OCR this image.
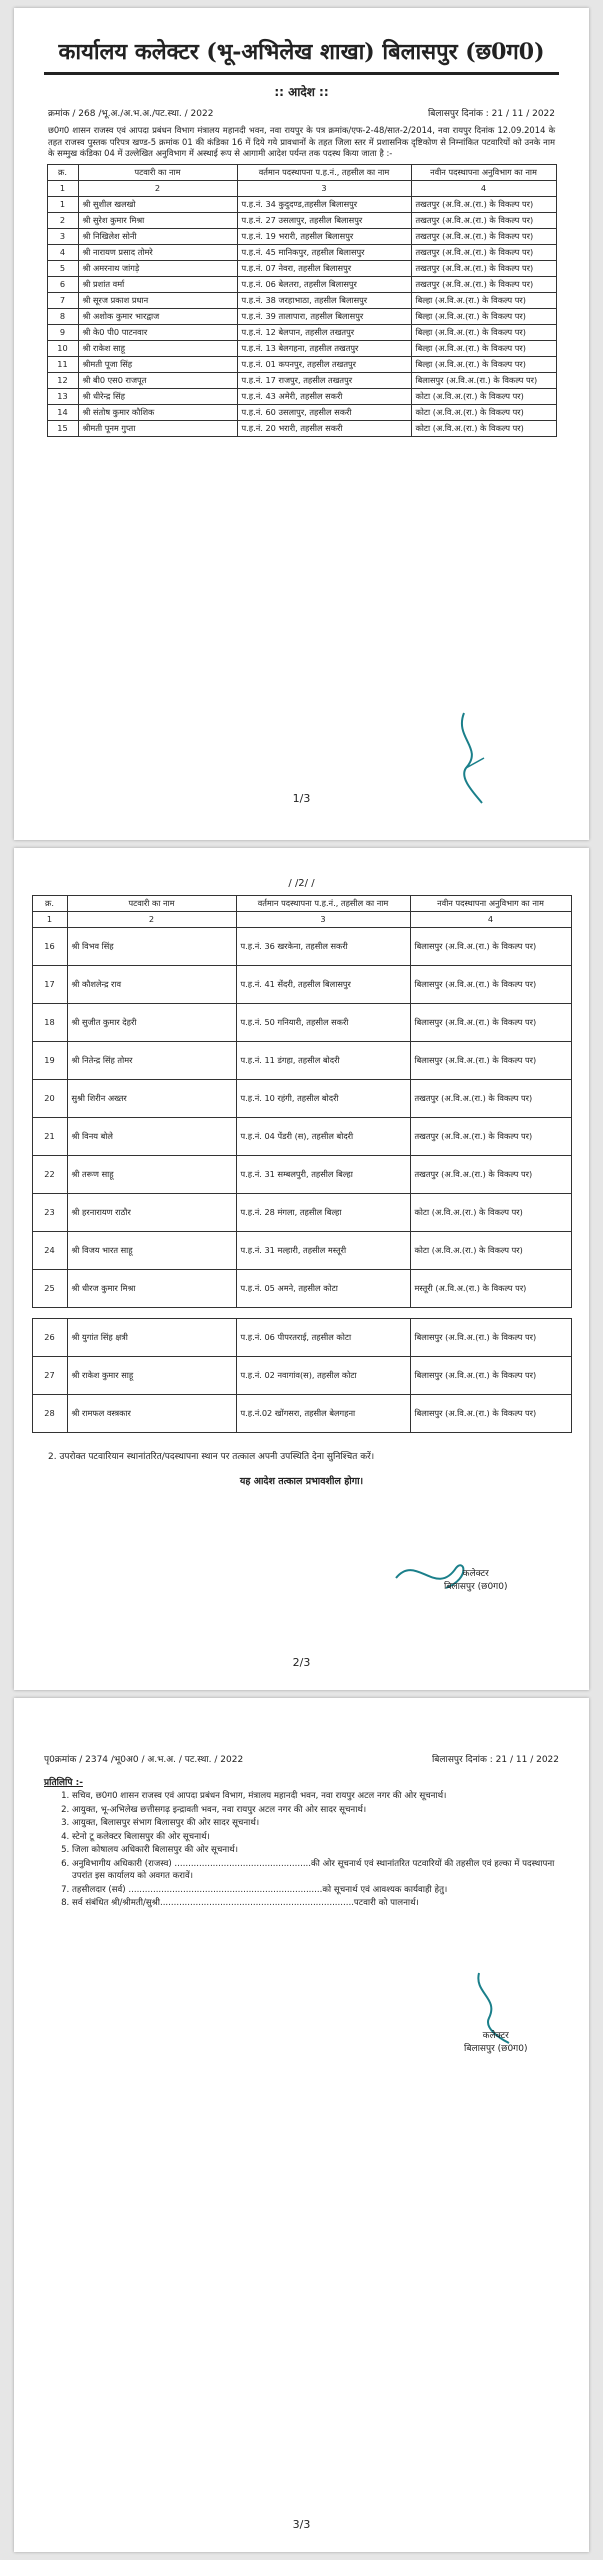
कार्यालय कलेक्टर (भू-अभिलेख शाखा) बिलासपुर (छ0ग0)
:: आदेश ::
क्रमांक / 268 /भू.अ./अ.भ.अ./पट.स्था. / 2022	बिलासपुर दिनांक : 21 / 11 / 2022
छ0ग0 शासन राजस्व एवं आपदा प्रबंधन विभाग मंत्रालय महानदी भवन, नवा रायपुर के पत्र क्रमांक/एफ-2-48/सात-2/2014, नवा रायपुर दिनांक 12.09.2014 के तहत राजस्व पुस्तक परिपत्र खण्ड-5 क्रमांक 01 की कंडिका 16 में दिये गये प्रावधानों के तहत जिला स्तर में प्रशासनिक दृष्टिकोण से निम्नांकित पटवारियों को उनके नाम के सम्मुख कंडिका 04 में उल्लेखित अनुविभाग में अस्थाई रूप से आगामी आदेश पर्यन्त तक पदस्थ किया जाता है :-
क्र.	पटवारी का नाम	वर्तमान पदस्थापना प.ह.नं., तहसील का नाम	नवीन पदस्थापना अनुविभाग का नाम
1	2	3	4
1	श्री सुशील खलखो	प.ह.नं. 34 कुदुदण्ड,तहसील बिलासपुर	तखतपुर (अ.वि.अ.(रा.) के विकल्प पर)
2	श्री सुरेश कुमार मिश्रा	प.ह.नं. 27 उसलापुर, तहसील बिलासपुर	तखतपुर (अ.वि.अ.(रा.) के विकल्प पर)
3	श्री निखिलेश सोनी	प.ह.नं. 19 भरारी, तहसील बिलासपुर	तखतपुर (अ.वि.अ.(रा.) के विकल्प पर)
4	श्री नारायण प्रसाद तोमरे	प.ह.नं. 45 मानिकपुर, तहसील बिलासपुर	तखतपुर (अ.वि.अ.(रा.) के विकल्प पर)
5	श्री अमरनाथ जांगड़े	प.ह.नं. 07 नेवरा, तहसील बिलासपुर	तखतपुर (अ.वि.अ.(रा.) के विकल्प पर)
6	श्री प्रशांत वर्मा	प.ह.नं. 06 बेलतरा, तहसील बिलासपुर	तखतपुर (अ.वि.अ.(रा.) के विकल्प पर)
7	श्री सूरज प्रकाश प्रधान	प.ह.नं. 38 जरहाभाठा, तहसील बिलासपुर	बिल्हा (अ.वि.अ.(रा.) के विकल्प पर)
8	श्री अशोक कुमार भारद्वाज	प.ह.नं. 39 तालापारा, तहसील बिलासपुर	बिल्हा (अ.वि.अ.(रा.) के विकल्प पर)
9	श्री के0 पी0 पाटनवार	प.ह.नं. 12 बेलपान, तहसील तखतपुर	बिल्हा (अ.वि.अ.(रा.) के विकल्प पर)
10	श्री राकेश साहू	प.ह.नं. 13 बेलगहना, तहसील तखतपुर	बिल्हा (अ.वि.अ.(रा.) के विकल्प पर)
11	श्रीमती पूजा सिंह	प.ह.नं. 01 कपनपुर, तहसील तखतपुर	बिल्हा (अ.वि.अ.(रा.) के विकल्प पर)
12	श्री बी0 एस0 राजपूत	प.ह.नं. 17 राजपुर, तहसील तखतपुर	बिलासपुर (अ.वि.अ.(रा.) के विकल्प पर)
13	श्री धीरेन्द्र सिंह	प.ह.नं. 43 अमेरी, तहसील सकरी	कोटा (अ.वि.अ.(रा.) के विकल्प पर)
14	श्री संतोष कुमार कौशिक	प.ह.नं. 60 उसलापुर, तहसील सकरी	कोटा (अ.वि.अ.(रा.) के विकल्प पर)
15	श्रीमती पूनम गुप्ता	प.ह.नं. 20 भरारी, तहसील सकरी	कोटा (अ.वि.अ.(रा.) के विकल्प पर)
1/3
/ /2/ /
क्र.	पटवारी का नाम	वर्तमान पदस्थापना प.ह.नं., तहसील का नाम	नवीन पदस्थापना अनुविभाग का नाम
1	2	3	4
16	श्री विभव सिंह	प.ह.नं. 36 खरकेना, तहसील सकरी	बिलासपुर (अ.वि.अ.(रा.) के विकल्प पर)
17	श्री कौशलेन्द्र राव	प.ह.नं. 41 सेंदरी, तहसील बिलासपुर	बिलासपुर (अ.वि.अ.(रा.) के विकल्प पर)
18	श्री सुजीत कुमार देहरी	प.ह.नं. 50 गनियारी, तहसील सकरी	बिलासपुर (अ.वि.अ.(रा.) के विकल्प पर)
19	श्री नितेन्द्र सिंह तोमर	प.ह.नं. 11 डंगहा, तहसील बोदरी	बिलासपुर (अ.वि.अ.(रा.) के विकल्प पर)
20	सुश्री शिरीन अख्तर	प.ह.नं. 10 रहंगी, तहसील बोदरी	तखतपुर (अ.वि.अ.(रा.) के विकल्प पर)
21	श्री विनय बोले	प.ह.नं. 04 पेंडरी (स), तहसील बोदरी	तखतपुर (अ.वि.अ.(रा.) के विकल्प पर)
22	श्री तरूण साहू	प.ह.नं. 31 सम्बलपुरी, तहसील बिल्हा	तखतपुर (अ.वि.अ.(रा.) के विकल्प पर)
23	श्री हरनारायण राठौर	प.ह.नं. 28 मंगला, तहसील बिल्हा	कोटा (अ.वि.अ.(रा.) के विकल्प पर)
24	श्री विजय भारत साहू	प.ह.नं. 31 मल्हारी, तहसील मस्तूरी	कोटा (अ.वि.अ.(रा.) के विकल्प पर)
25	श्री धीरज कुमार मिश्रा	प.ह.नं. 05 अमने, तहसील कोटा	मस्तूरी (अ.वि.अ.(रा.) के विकल्प पर)

26	श्री युगांत सिंह क्षत्री	प.ह.नं. 06 पीपरतराई, तहसील कोटा	बिलासपुर (अ.वि.अ.(रा.) के विकल्प पर)
27	श्री राकेश कुमार साहू	प.ह.नं. 02 नवागांव(स), तहसील कोटा	बिलासपुर (अ.वि.अ.(रा.) के विकल्प पर)
28	श्री रामफल वस्त्रकार	प.ह.नं.02 खोंगसरा, तहसील बेलगहना	बिलासपुर (अ.वि.अ.(रा.) के विकल्प पर)
2. उपरोक्त पटवारियान स्थानांतरित/पदस्थापना स्थान पर तत्काल अपनी उपस्थिति देना सुनिश्चित करें।
यह आदेश तत्काल प्रभावशील होगा।
कलेक्टर
बिलासपुर (छ0ग0)
2/3
पृ0क्रमांक / 2374 /भू0अ0 / अ.भ.अ. / पट.स्था. / 2022	बिलासपुर दिनांक : 21 / 11 / 2022
प्रतिलिपि :-
1. सचिव, छ0ग0 शासन राजस्व एवं आपदा प्रबंधन विभाग, मंत्रालय महानदी भवन, नवा रायपुर अटल नगर की ओर सूचनार्थ।
2. आयुक्त, भू-अभिलेख छत्तीसगढ़ इन्द्रावती भवन, नवा रायपुर अटल नगर की ओर सादर सूचनार्थ।
3. आयुक्त, बिलासपुर संभाग बिलासपुर की ओर सादर सूचनार्थ।
4. स्टेनो टू कलेक्टर बिलासपुर की ओर सूचनार्थ।
5. जिला कोषालय अधिकारी बिलासपुर की ओर सूचनार्थ।
6. अनुविभागीय अधिकारी (राजस्व) ..................................................की ओर सूचनार्थ एवं स्थानांतरित पटवारियों की तहसील एवं हल्का में पदस्थापना उपरांत इस कार्यालय को अवगत करावें।
7. तहसीलदार (सर्व) .......................................................................को सूचनार्थ एवं आवश्यक कार्यवाही हेतु।
8. सर्व संबंधित श्री/श्रीमती/सुश्री.......................................................................पटवारी को पालनार्थ।
कलेक्टर
बिलासपुर (छ0ग0)
3/3
